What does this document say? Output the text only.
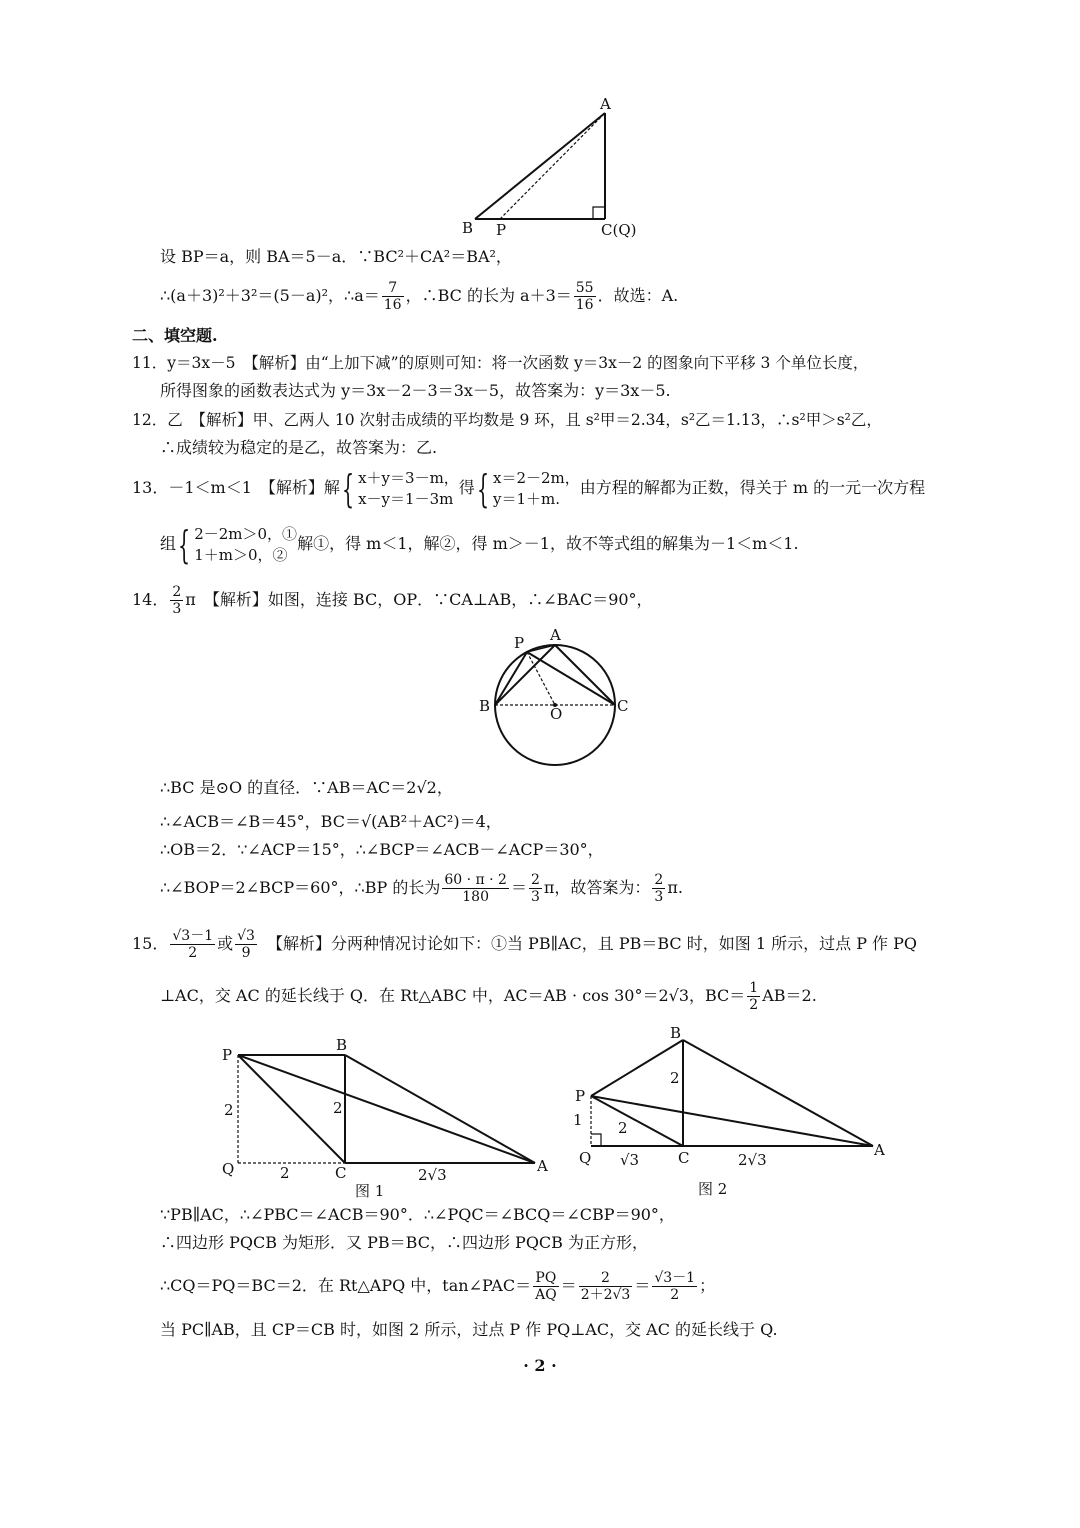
A
B P	C(Q)
设 BP＝a，则 BA＝5－a．∵BC²＋CA²＝BA²，
∴(a＋3)²＋3²＝(5－a)²，∴a＝ $\frac{7}{16}$ ，∴BC 的长为 $a+3= \frac{55}{16}$ ．故选：A.
二、填空题.
11．y＝3x－5　【解析】由“上加下减”的原则可知：将一次函数 y＝3x－2 的图象向下平移 3 个单位长度，
所得图象的函数表达式为 y＝3x－2－3＝3x－5，故答案为：y＝3x－5.
12．乙　【解析】甲、乙两人 10 次射击成绩的平均数是 9 环，且 s²甲＝2.34，s²乙＝1.13，∴s²甲＞s²乙，
∴成绩较为稳定的是乙，故答案为：乙.
13．－1＜m＜1　【解析】解{ x＋y＝3－m，
x－y＝1－3m
得{ x＝2－2m，
y＝1＋m.
由方程的解都为正数，得关于 m 的一元一次方程
组{ 2－2m＞0，①
1＋m＞0，②
解①，得 m＜1，解②，得 m＞－1，故不等式组的解集为－1＜m＜1.
14． $\frac{2}{3}$ π　【解析】如图，连接 BC，OP．∵CA⊥AB，∴∠BAC＝90°，
P A
B	O	C
∴BC 是⊙O 的直径．∵AB＝AC＝2√2，
∴∠ACB＝∠B＝45°，BC＝√(AB²＋AC²)＝4，
∴OB＝2．∵∠ACP＝15°，∴∠BCP＝∠ACB－∠ACP＝30°，
∴∠BOP＝2∠BCP＝60°，∴BP 的长为 $\frac{60 \cdot \pi \cdot 2}{180} = \frac{2}{3}$ π，故答案为： $\frac{2}{3} \pi$.
15． $\frac{√3-1}{2}$ 或 $\frac{√3}{9}$ 　【解析】分两种情况讨论如下：①当 PB∥AC，且 PB＝BC 时，如图 1 所示，过点 P 作 PQ
⊥AC，交 AC 的延长线于 Q．在 Rt△ABC 中，AC＝AB · cos 30°＝2√3，$BC= \frac{1}{2} AB=2$.
P
B
Q	C	A
2	2
2	2√3
图 1
B
P
Q	C	A
2
1 2
√3	2√3
图 2
∵PB∥AC，∴∠PBC＝∠ACB＝90°．∴∠PQC＝∠BCQ＝∠CBP＝90°，
∴四边形 PQCB 为矩形．又 PB＝BC，∴四边形 PQCB 为正方形，
∴CQ＝PQ＝BC＝2．在 Rt△APQ 中，tan∠PAC＝ $\frac{PQ}{AQ} = \frac{2}{2+2√3} = \frac{√3-1}{2}$ ；
当 PC∥AB，且 CP＝CB 时，如图 2 所示，过点 P 作 PQ⊥AC，交 AC 的延长线于 Q.
· 2 ·
